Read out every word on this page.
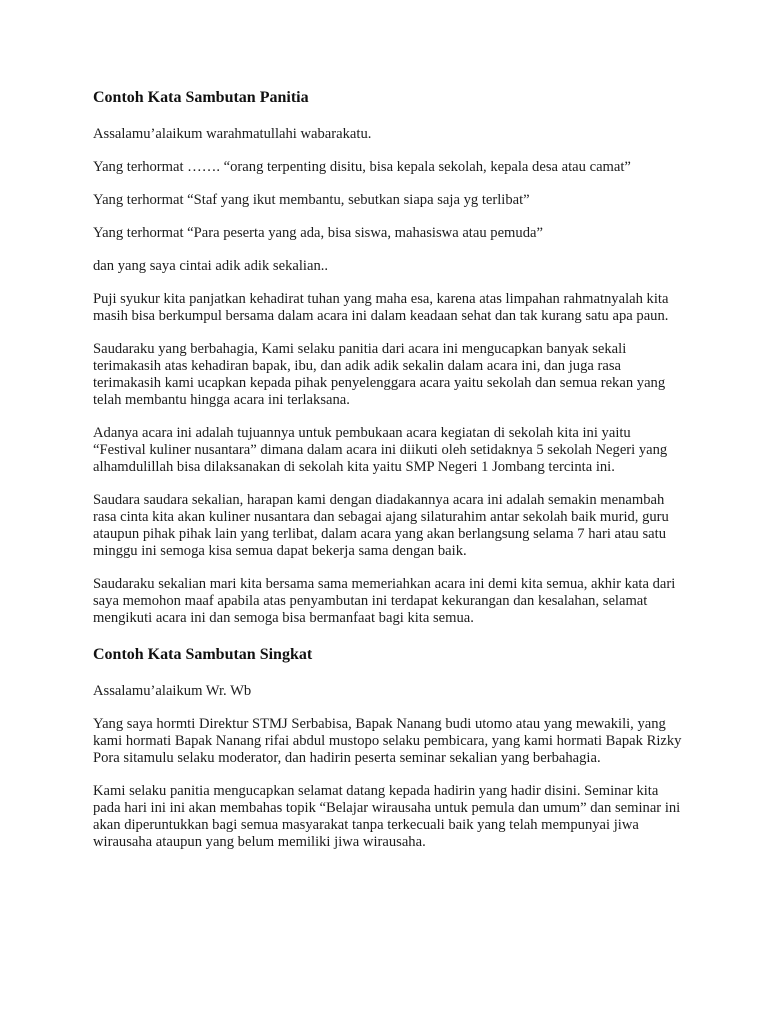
Contoh Kata Sambutan Panitia

Assalamu’alaikum warahmatullahi wabarakatu.

Yang terhormat ……. “orang terpenting disitu, bisa kepala sekolah, kepala desa atau camat”

Yang terhormat “Staf yang ikut membantu, sebutkan siapa saja yg terlibat”

Yang terhormat “Para peserta yang ada, bisa siswa, mahasiswa atau pemuda”

dan yang saya cintai adik adik sekalian..

Puji syukur kita panjatkan kehadirat tuhan yang maha esa, karena atas limpahan rahmatnyalah kita masih bisa berkumpul bersama dalam acara ini dalam keadaan sehat dan tak kurang satu apa paun.

Saudaraku yang berbahagia, Kami selaku panitia dari acara ini mengucapkan banyak sekali terimakasih atas kehadiran bapak, ibu, dan adik adik sekalin dalam acara ini, dan juga rasa terimakasih kami ucapkan kepada pihak penyelenggara acara yaitu sekolah dan semua rekan yang telah membantu hingga acara ini terlaksana.

Adanya acara ini adalah tujuannya untuk pembukaan acara kegiatan di sekolah kita ini yaitu “Festival kuliner nusantara” dimana dalam acara ini diikuti oleh setidaknya 5 sekolah Negeri yang alhamdulillah bisa dilaksanakan di sekolah kita yaitu SMP Negeri 1 Jombang tercinta ini.

Saudara saudara sekalian, harapan kami dengan diadakannya acara ini adalah semakin menambah rasa cinta kita akan kuliner nusantara dan sebagai ajang silaturahim antar sekolah baik murid, guru ataupun pihak pihak lain yang terlibat, dalam acara yang akan berlangsung selama 7 hari atau satu minggu ini semoga kisa semua dapat bekerja sama dengan baik.

Saudaraku sekalian mari kita bersama sama memeriahkan acara ini demi kita semua, akhir kata dari saya memohon maaf apabila atas penyambutan ini terdapat kekurangan dan kesalahan, selamat mengikuti acara ini dan semoga bisa bermanfaat bagi kita semua.

Contoh Kata Sambutan Singkat

Assalamu’alaikum Wr. Wb

Yang saya hormti Direktur STMJ Serbabisa, Bapak Nanang budi utomo atau yang mewakili, yang kami hormati Bapak Nanang rifai abdul mustopo selaku pembicara, yang kami hormati Bapak Rizky Pora sitamulu selaku moderator, dan hadirin peserta seminar sekalian yang berbahagia.

Kami selaku panitia mengucapkan selamat datang kepada hadirin yang hadir disini. Seminar kita pada hari ini ini akan membahas topik “Belajar wirausaha untuk pemula dan umum” dan seminar ini akan diperuntukkan bagi semua masyarakat tanpa terkecuali baik yang telah mempunyai jiwa wirausaha ataupun yang belum memiliki jiwa wirausaha.
